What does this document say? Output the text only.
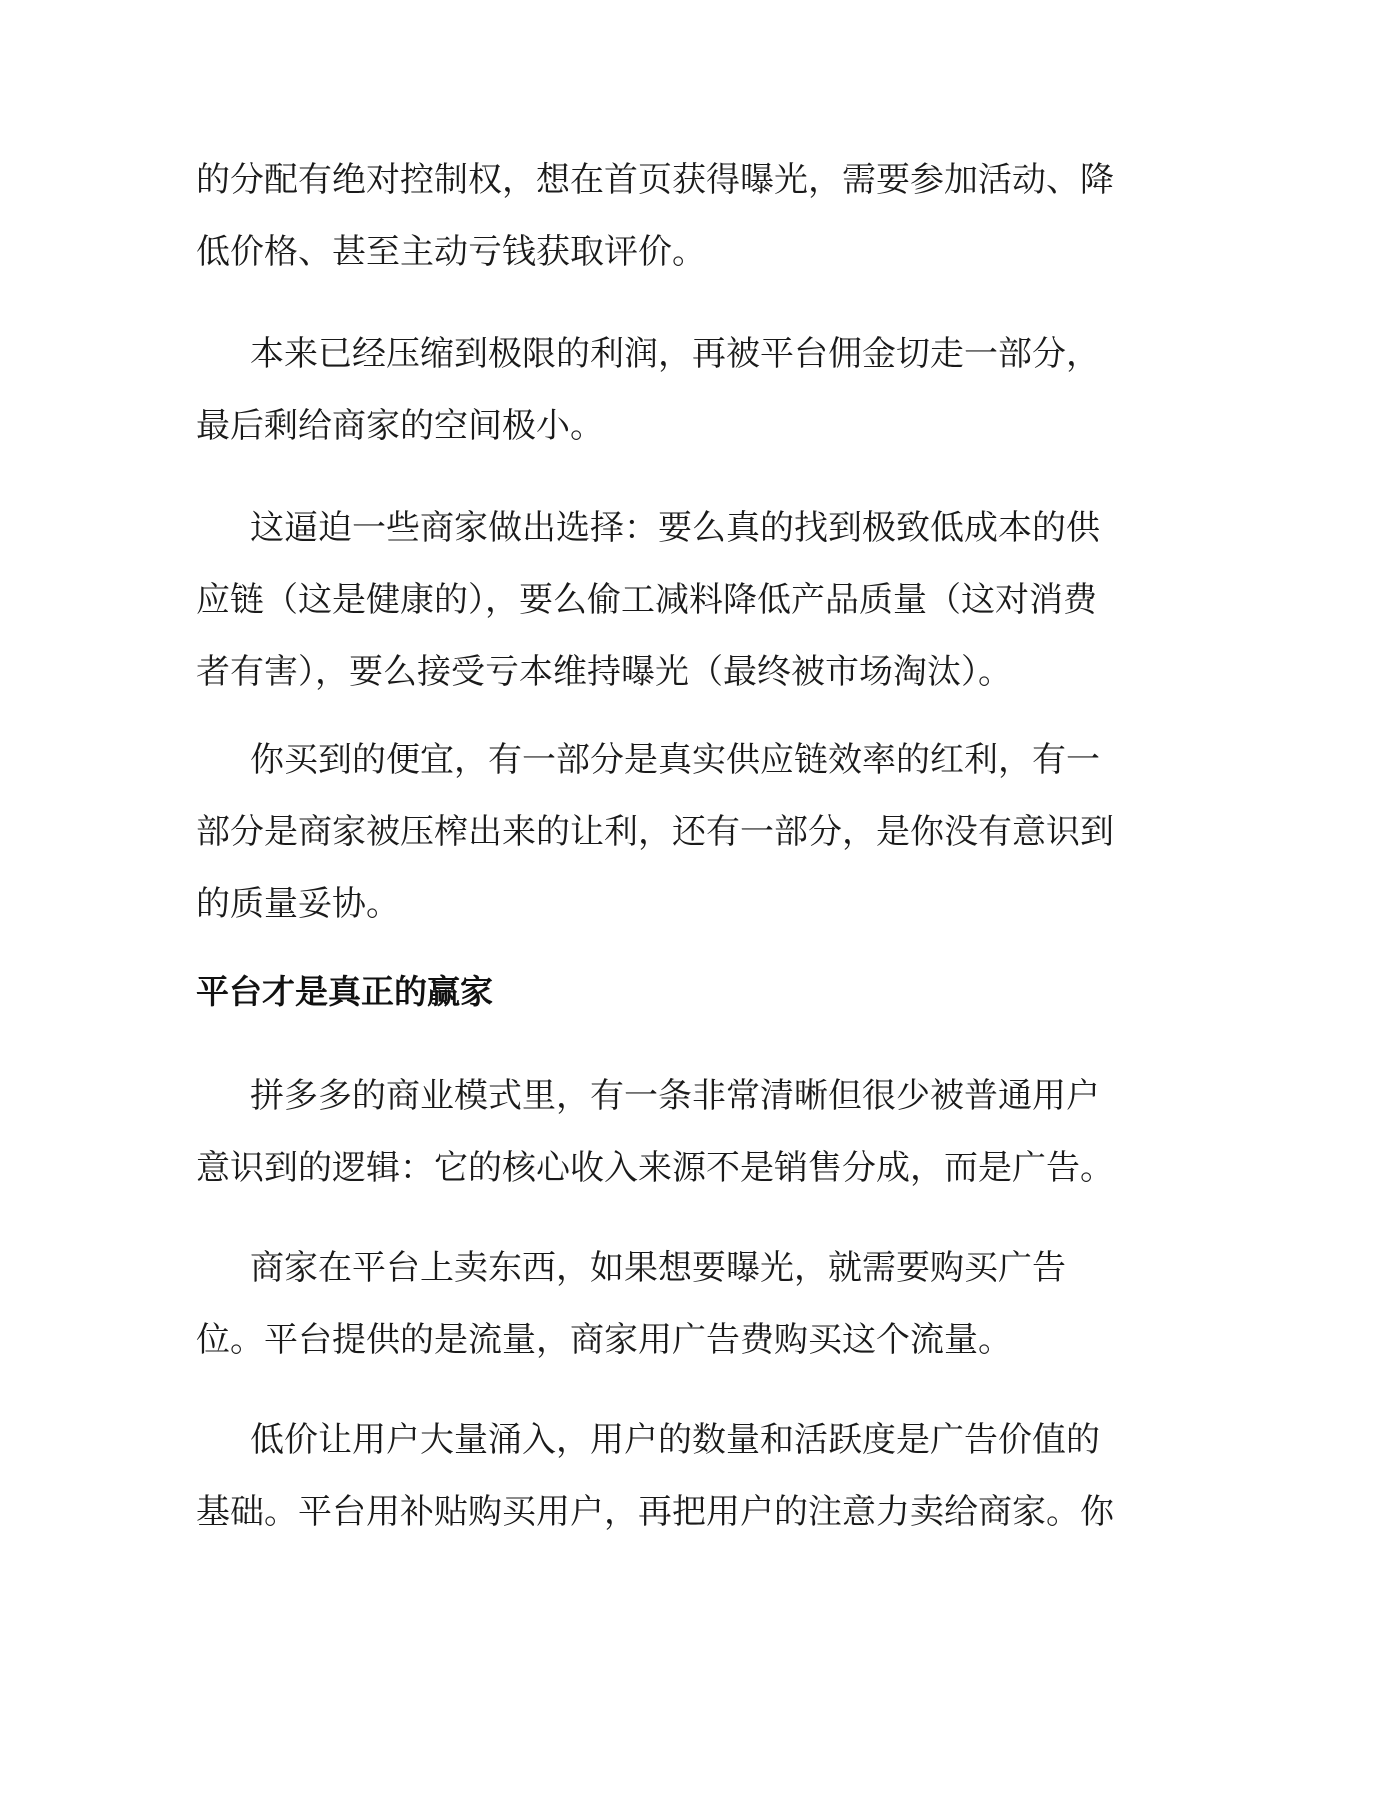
的分配有绝对控制权，想在首页获得曝光，需要参加活动、降
低价格、甚至主动亏钱获取评价。
本来已经压缩到极限的利润，再被平台佣金切走一部分，
最后剩给商家的空间极小。
这逼迫一些商家做出选择：要么真的找到极致低成本的供
应链（这是健康的），要么偷工减料降低产品质量（这对消费
者有害），要么接受亏本维持曝光（最终被市场淘汰）。
你买到的便宜，有一部分是真实供应链效率的红利，有一
部分是商家被压榨出来的让利，还有一部分，是你没有意识到
的质量妥协。
平台才是真正的赢家
拼多多的商业模式里，有一条非常清晰但很少被普通用户
意识到的逻辑：它的核心收入来源不是销售分成，而是广告。
商家在平台上卖东西，如果想要曝光，就需要购买广告
位。平台提供的是流量，商家用广告费购买这个流量。
低价让用户大量涌入，用户的数量和活跃度是广告价值的
基础。平台用补贴购买用户，再把用户的注意力卖给商家。你
